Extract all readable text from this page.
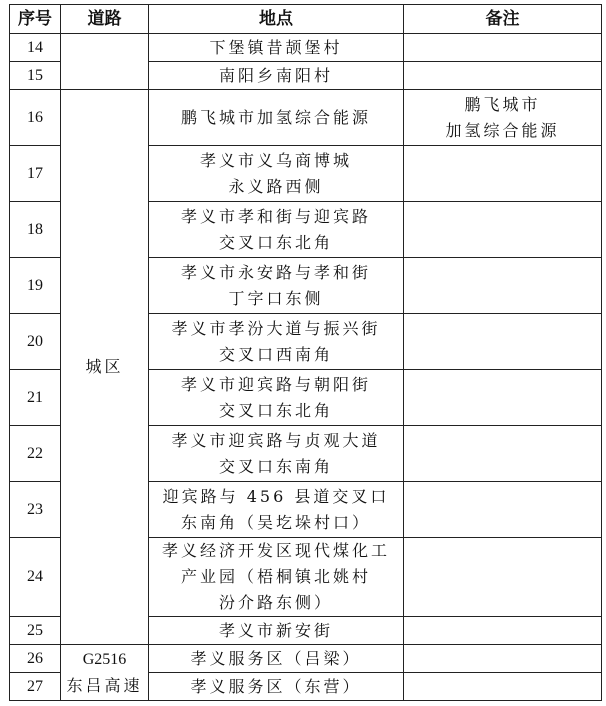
序号	道路	地点	备注
14		下堡镇昔颉堡村	

15		南阳乡南阳村	

16	城区	鹏飞城市加氢综合能源	鹏飞城市
加氢综合能源

17		孝义市义乌商博城
永义路西侧	

18		孝义市孝和街与迎宾路
交叉口东北角	

19		孝义市永安路与孝和街
丁字口东侧	

20		孝义市孝汾大道与振兴街
交叉口西南角	

21		孝义市迎宾路与朝阳街
交叉口东北角	

22		孝义市迎宾路与贞观大道
交叉口东南角	

23		迎宾路与 456 县道交叉口
东南角（吴圪垛村口）	

24		孝义经济开发区现代煤化工
产业园（梧桐镇北姚村
汾介路东侧）	

25		孝义市新安街	

26	G2516
东吕高速	孝义服务区（吕梁）	

27		孝义服务区（东营）	
